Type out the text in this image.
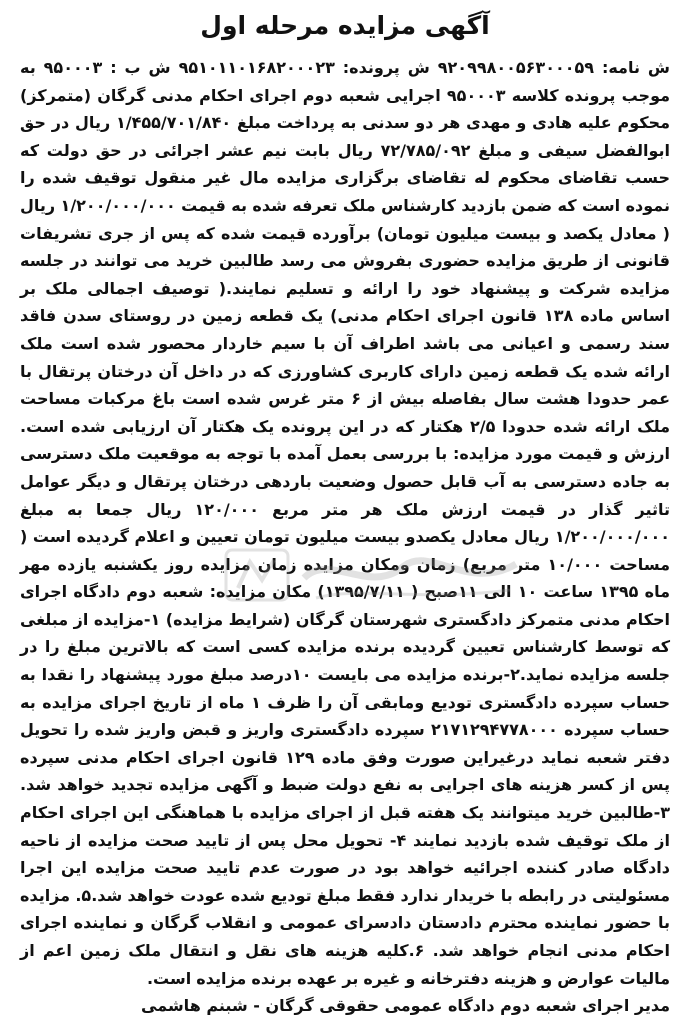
آگهی مزایده مرحله اول

ش نامه: ۹۲۰۹۹۸۰۰۵۶۳۰۰۰۵۹ ش پرونده: ۹۵۱۰۱۱۰۱۶۸۲۰۰۰۲۳ ش ب : ۹۵۰۰۰۳ به موجب پرونده کلاسه ۹۵۰۰۰۳ اجرایی شعبه دوم اجرای احکام مدنی گرگان (متمرکز) محکوم علیه هادی و مهدی هر دو سدنی به پرداخت مبلغ ۱/۴۵۵/۷۰۱/۸۴۰ ریال در حق ابوالفضل سیفی و مبلغ ۷۲/۷۸۵/۰۹۲ ریال بابت نیم عشر اجرائی در حق دولت که حسب تقاضای محکوم له تقاضای برگزاری مزایده مال غیر منقول توقیف شده را نموده است که ضمن بازدید کارشناس ملک تعرفه شده به قیمت ۱/۲۰۰/۰۰۰/۰۰۰ ریال ( معادل یکصد و بیست میلیون تومان) برآورده قیمت شده که پس از جری تشریفات قانونی از طریق مزایده حضوری بفروش می رسد طالبین خرید می توانند در جلسه مزایده شرکت و پیشنهاد خود را ارائه و تسلیم نمایند.( توصیف اجمالی ملک بر اساس ماده ۱۳۸ قانون اجرای احکام مدنی) یک قطعه زمین در روستای سدن فاقد سند رسمی و اعیانی می باشد اطراف آن با سیم خاردار محصور شده است ملک ارائه شده یک قطعه زمین دارای کاربری کشاورزی که در داخل آن درختان پرتقال با عمر حدودا هشت سال بفاصله بیش از ۶ متر غرس شده است باغ مرکبات مساحت ملک ارائه شده حدودا ۲/۵ هکتار که در این پرونده یک هکتار آن ارزیابی شده است. ارزش و قیمت مورد مزایده: با بررسی بعمل آمده با توجه به موقعیت ملک دسترسی به جاده دسترسی به آب قابل حصول وضعیت باردهی درختان پرتقال و دیگر عوامل تاثیر گذار در قیمت ارزش ملک هر متر مربع ۱۲۰/۰۰۰ ریال جمعا به مبلغ ۱/۲۰۰/۰۰۰/۰۰۰ ریال معادل یکصدو بیست میلیون تومان تعیین و اعلام گردیده است ( مساحت ۱۰/۰۰۰ متر مربع) زمان ومکان مزایده زمان مزایده روز یکشنبه یازده مهر ماه ۱۳۹۵ ساعت ۱۰ الی ۱۱صبح ( ۱۳۹۵/۷/۱۱) مکان مزایده: شعبه دوم دادگاه اجرای احکام مدنی متمرکز دادگستری شهرستان گرگان (شرایط مزایده) ۱-مزایده از مبلغی که توسط کارشناس تعیین گردیده برنده مزایده کسی است که بالاترین مبلغ را در جلسه مزایده نماید.۲-برنده مزایده می بایست ۱۰درصد مبلغ مورد پیشنهاد را نقدا به حساب سپرده دادگستری تودیع ومابقی آن را ظرف ۱ ماه از تاریخ اجرای مزایده به حساب سپرده ۲۱۷۱۲۹۴۷۷۸۰۰۰ سپرده دادگستری واریز و قبض واریز شده را تحویل دفتر شعبه نماید درغیراین صورت وفق ماده ۱۲۹ قانون اجرای احکام مدنی سپرده پس از کسر هزینه های اجرایی به نفع دولت ضبط و آگهی مزایده تجدید خواهد شد. ۳-طالبین خرید میتوانند یک هفته قبل از اجرای مزایده با هماهنگی این اجرای احکام از ملک توقیف شده بازدید نمایند ۴- تحویل محل پس از تایید صحت مزایده از ناحیه دادگاه صادر کننده اجرائیه خواهد بود در صورت عدم تایید صحت مزایده این اجرا مسئولیتی در رابطه با خریدار ندارد فقط مبلغ تودیع شده عودت خواهد شد.۵. مزایده با حضور نماینده محترم دادستان دادسرای عمومی و انقلاب گرگان و نماینده اجرای احکام مدنی انجام خواهد شد. ۶.کلیه هزینه های نقل و انتقال ملک زمین اعم از مالیات عوارض و هزینه دفترخانه و غیره بر عهده برنده مزایده است.

مدیر اجرای شعبه دوم دادگاه عمومی حقوقی گرگان - شبنم هاشمی
